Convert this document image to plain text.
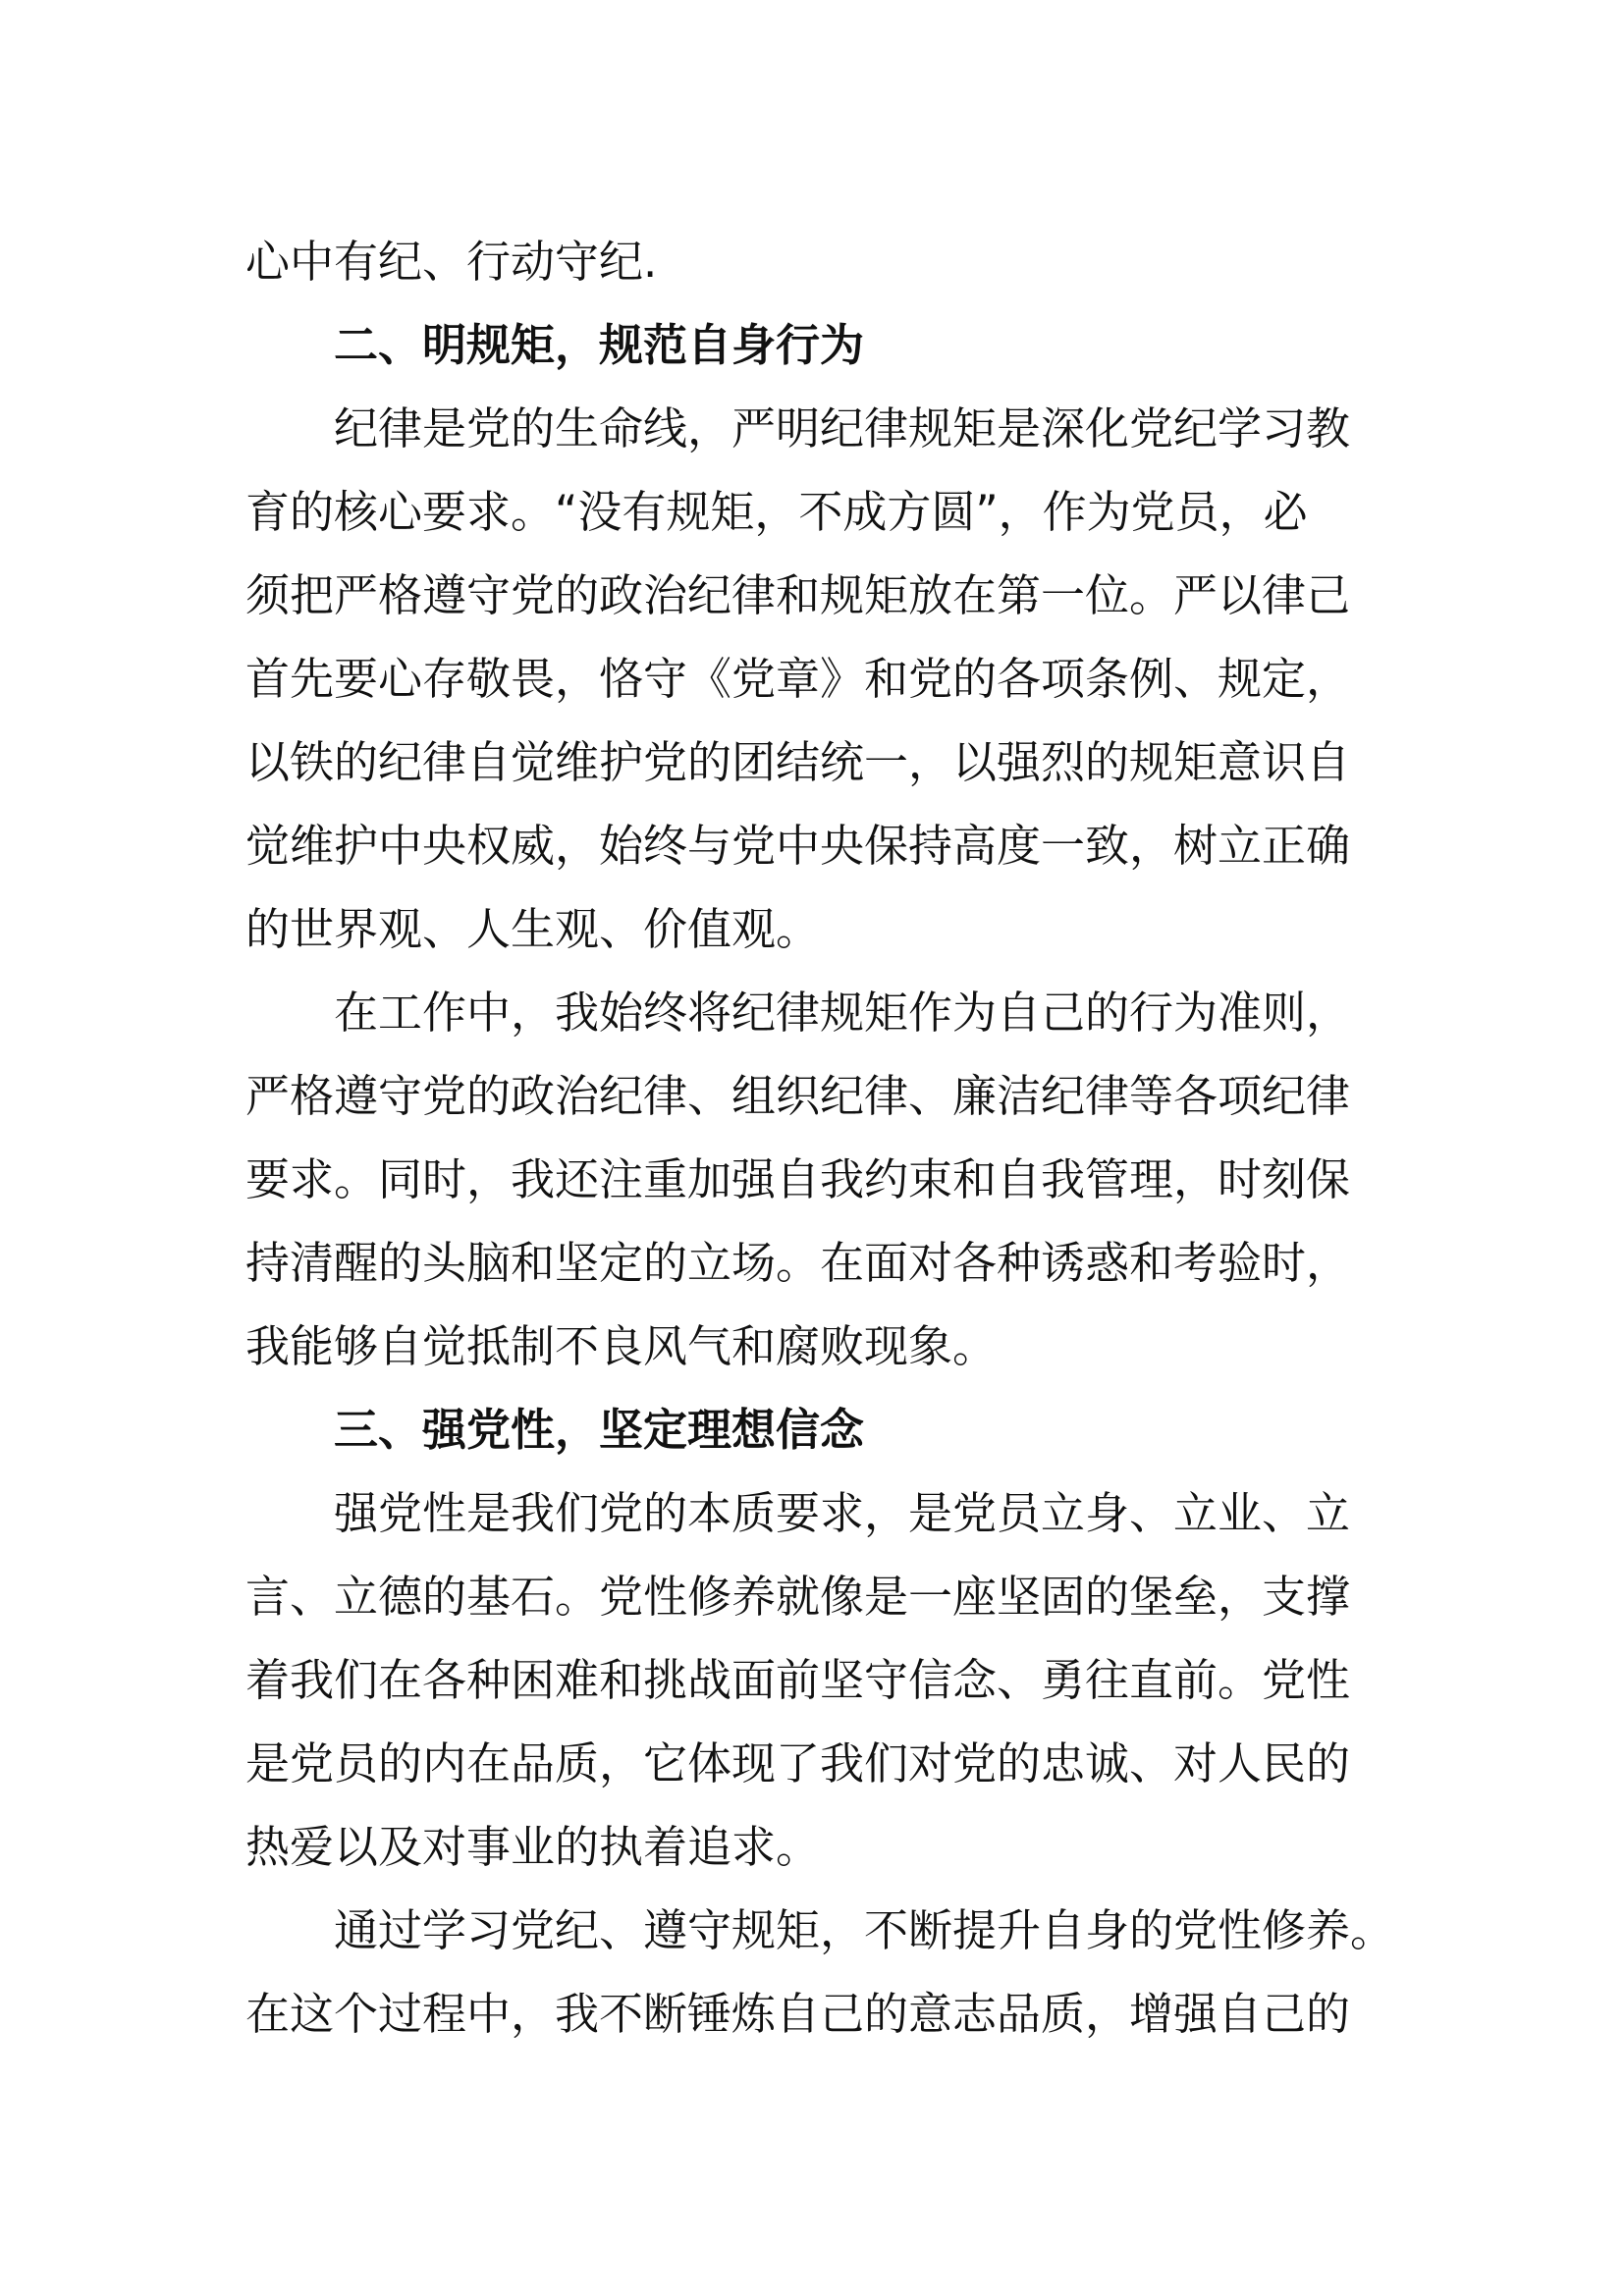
心中有纪、行动守纪.
二、明规矩，规范自身行为
纪律是党的生命线，严明纪律规矩是深化党纪学习教
育的核心要求。“没有规矩，不成方圆”，作为党员，必
须把严格遵守党的政治纪律和规矩放在第一位。严以律己
首先要心存敬畏，恪守《党章》和党的各项条例、规定，
以铁的纪律自觉维护党的团结统一，以强烈的规矩意识自
觉维护中央权威，始终与党中央保持高度一致，树立正确
的世界观、人生观、价值观。
在工作中，我始终将纪律规矩作为自己的行为准则，
严格遵守党的政治纪律、组织纪律、廉洁纪律等各项纪律
要求。同时，我还注重加强自我约束和自我管理，时刻保
持清醒的头脑和坚定的立场。在面对各种诱惑和考验时，
我能够自觉抵制不良风气和腐败现象。
三、强党性，坚定理想信念
强党性是我们党的本质要求，是党员立身、立业、立
言、立德的基石。党性修养就像是一座坚固的堡垒，支撑
着我们在各种困难和挑战面前坚守信念、勇往直前。党性
是党员的内在品质，它体现了我们对党的忠诚、对人民的
热爱以及对事业的执着追求。
通过学习党纪、遵守规矩，不断提升自身的党性修养。
在这个过程中，我不断锤炼自己的意志品质，增强自己的
